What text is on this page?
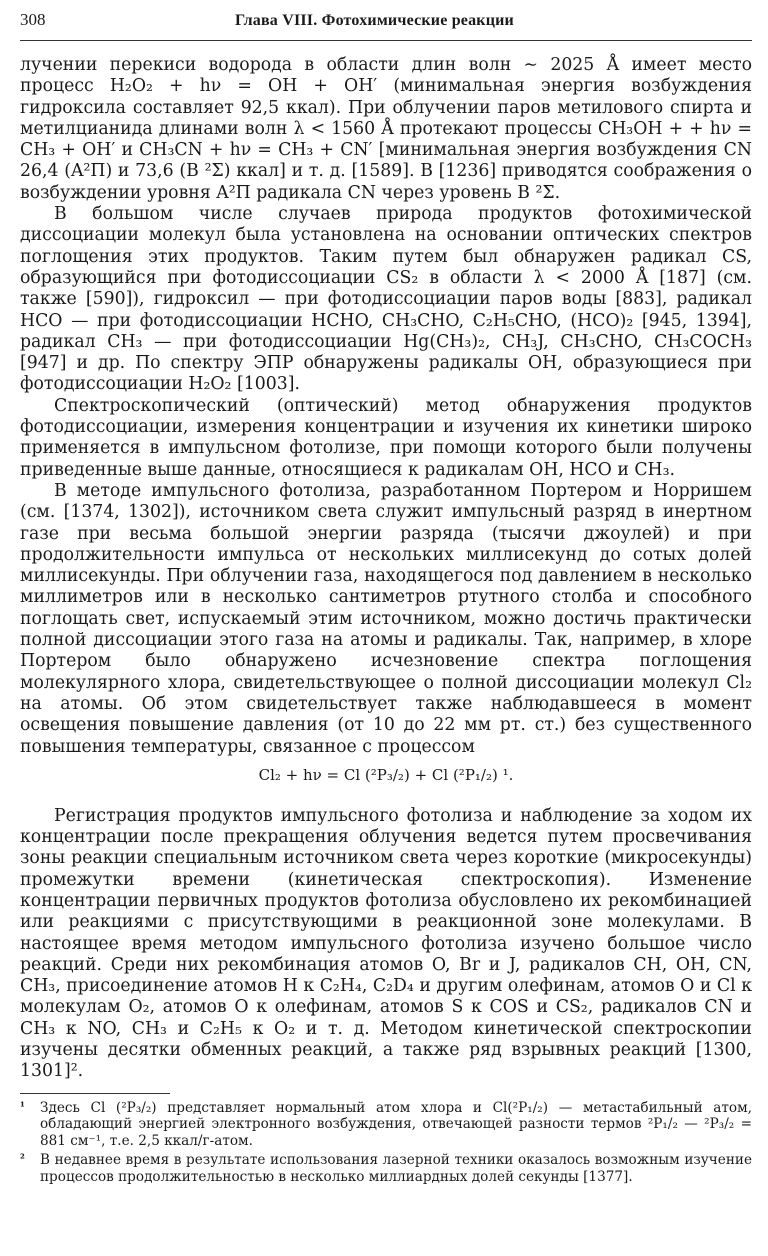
308	Глава VIII. Фотохимические реакции

лучении перекиси водорода в области длин волн ∼ 2025 Å имеет место процесс H₂O₂ + hν = OH + OH′ (минимальная энергия возбуждения гидроксила составляет 92,5 ккал). При облучении паров метилового спирта и метилцианида длинами волн λ < 1560 Å протекают процессы CH₃OH + + hν = CH₃ + OH′ и CH₃CN + hν = CH₃ + CN′ [минимальная энергия возбуждения CN 26,4 (A²Π) и 73,6 (B ²Σ) ккал] и т. д. [1589]. В [1236] приводятся соображения о возбуждении уровня A²Π радикала CN через уровень B ²Σ.

В большом числе случаев природа продуктов фотохимической диссоциации молекул была установлена на основании оптических спектров поглощения этих продуктов. Таким путем был обнаружен радикал CS, образующийся при фотодиссоциации CS₂ в области λ < 2000 Å [187] (см. также [590]), гидроксил — при фотодиссоциации паров воды [883], радикал HCO — при фотодиссоциации HCHO, CH₃CHO, C₂H₅CHO, (HCO)₂ [945, 1394], радикал CH₃ — при фотодиссоциации Hg(CH₃)₂, CH₃J, CH₃CHO, CH₃COCH₃ [947] и др. По спектру ЭПР обнаружены радикалы OH, образующиеся при фотодиссоциации H₂O₂ [1003].

Спектроскопический (оптический) метод обнаружения продуктов фотодиссоциации, измерения концентрации и изучения их кинетики широко применяется в импульсном фотолизе, при помощи которого были получены приведенные выше данные, относящиеся к радикалам OH, HCO и CH₃.

В методе импульсного фотолиза, разработанном Портером и Норришем (см. [1374, 1302]), источником света служит импульсный разряд в инертном газе при весьма большой энергии разряда (тысячи джоулей) и при продолжительности импульса от нескольких миллисекунд до сотых долей миллисекунды. При облучении газа, находящегося под давлением в несколько миллиметров или в несколько сантиметров ртутного столба и способного поглощать свет, испускаемый этим источником, можно достичь практически полной диссоциации этого газа на атомы и радикалы. Так, например, в хлоре Портером было обнаружено исчезновение спектра поглощения молекулярного хлора, свидетельствующее о полной диссоциации молекул Cl₂ на атомы. Об этом свидетельствует также наблюдавшееся в момент освещения повышение давления (от 10 до 22 мм рт. ст.) без существенного повышения температуры, связанное с процессом

Cl₂ + hν = Cl (²P₃/₂) + Cl (²P₁/₂) ¹.

Регистрация продуктов импульсного фотолиза и наблюдение за ходом их концентрации после прекращения облучения ведется путем просвечивания зоны реакции специальным источником света через короткие (микросекунды) промежутки времени (кинетическая спектроскопия). Изменение концентрации первичных продуктов фотолиза обусловлено их рекомбинацией или реакциями с присутствующими в реакционной зоне молекулами. В настоящее время методом импульсного фотолиза изучено большое число реакций. Среди них рекомбинация атомов O, Br и J, радикалов CH, OH, CN, CH₃, присоединение атомов H к C₂H₄, C₂D₄ и другим олефинам, атомов O и Cl к молекулам O₂, атомов O к олефинам, атомов S к COS и CS₂, радикалов CN и CH₃ к NO, CH₃ и C₂H₅ к O₂ и т. д. Методом кинетической спектроскопии изучены десятки обменных реакций, а также ряд взрывных реакций [1300, 1301]².

¹	Здесь Cl (²P₃/₂) представляет нормальный атом хлора и Cl(²P₁/₂) — метастабильный атом, обладающий энергией электронного возбуждения, отвечающей разности термов ²P₁/₂ — ²P₃/₂ = 881 см⁻¹, т.е. 2,5 ккал/г-атом.
²	В недавнее время в результате использования лазерной техники оказалось возможным изучение процессов продолжительностью в несколько миллиардных долей секунды [1377].
